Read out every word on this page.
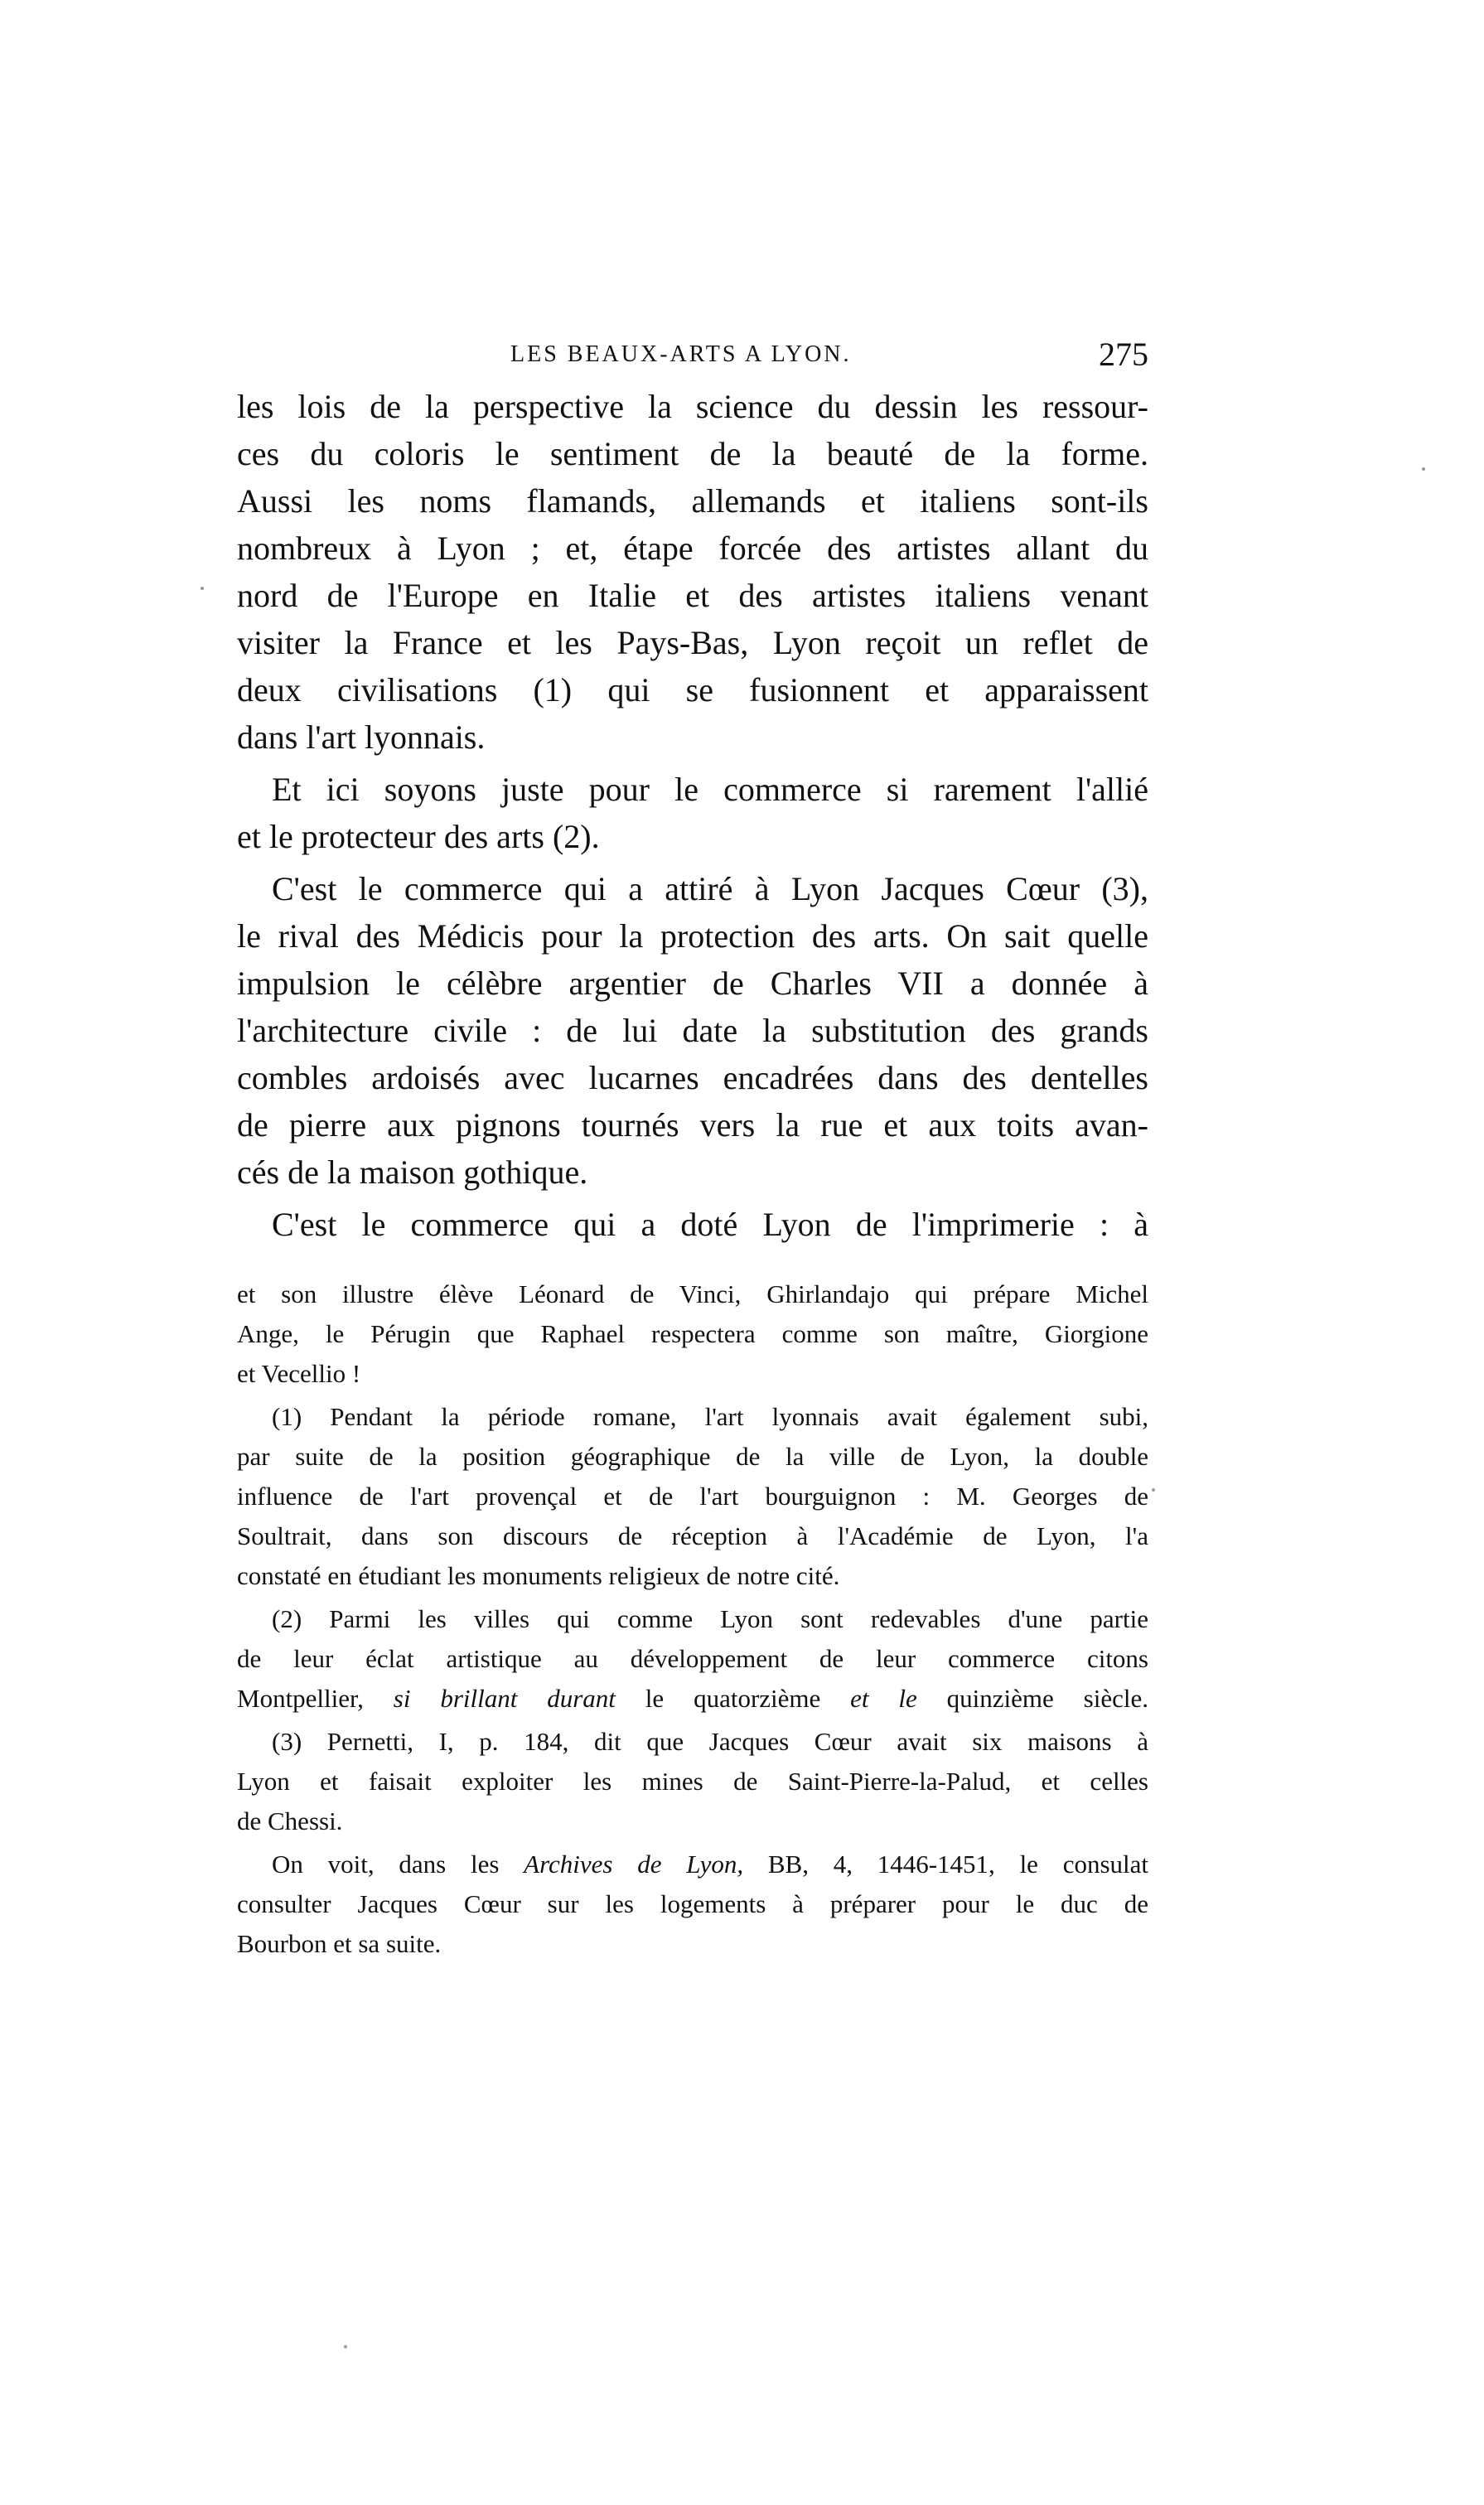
LES BEAUX-ARTS A LYON.	275
les lois de la perspective la science du dessin les ressour-
ces du coloris le sentiment de la beauté de la forme.
Aussi les noms flamands, allemands et italiens sont-ils
nombreux à Lyon ; et, étape forcée des artistes allant du
nord de l'Europe en Italie et des artistes italiens venant
visiter la France et les Pays-Bas, Lyon reçoit un reflet de
deux civilisations (1) qui se fusionnent et apparaissent
dans l'art lyonnais.
Et ici soyons juste pour le commerce si rarement l'allié
et le protecteur des arts (2).
C'est le commerce qui a attiré à Lyon Jacques Cœur (3),
le rival des Médicis pour la protection des arts. On sait quelle
impulsion le célèbre argentier de Charles VII a donnée à
l'architecture civile : de lui date la substitution des grands
combles ardoisés avec lucarnes encadrées dans des dentelles
de pierre aux pignons tournés vers la rue et aux toits avan-
cés de la maison gothique.
C'est le commerce qui a doté Lyon de l'imprimerie : à
et son illustre élève Léonard de Vinci, Ghirlandajo qui prépare Michel
Ange, le Pérugin que Raphael respectera comme son maître, Giorgione
et Vecellio !
(1) Pendant la période romane, l'art lyonnais avait également subi,
par suite de la position géographique de la ville de Lyon, la double
influence de l'art provençal et de l'art bourguignon : M. Georges de
Soultrait, dans son discours de réception à l'Académie de Lyon, l'a
constaté en étudiant les monuments religieux de notre cité.
(2) Parmi les villes qui comme Lyon sont redevables d'une partie
de leur éclat artistique au développement de leur commerce citons
Montpellier, si brillant durant le quatorzième et le quinzième siècle.
(3) Pernetti, I, p. 184, dit que Jacques Cœur avait six maisons à
Lyon et faisait exploiter les mines de Saint-Pierre-la-Palud, et celles
de Chessi.
On voit, dans les Archives de Lyon, BB, 4, 1446-1451, le consulat
consulter Jacques Cœur sur les logements à préparer pour le duc de
Bourbon et sa suite.
